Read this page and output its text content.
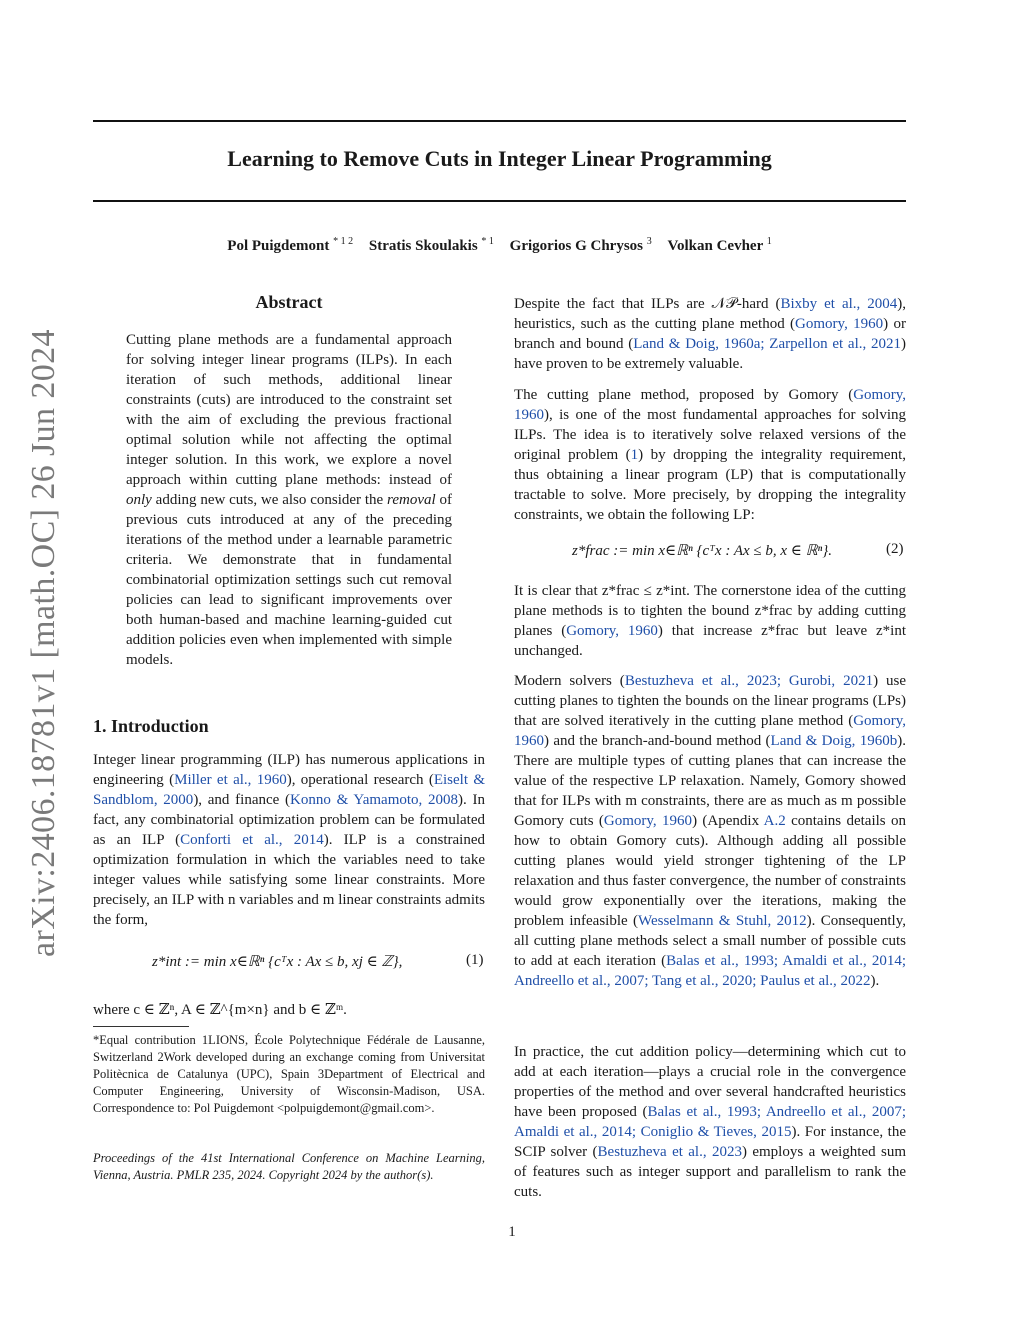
Learning to Remove Cuts in Integer Linear Programming
Pol Puigdemont $^{* 1 2}$ Stratis Skoulakis $^{* 1}$ Grigorios G Chrysos $^3$ Volkan Cevher $^1$
arXiv:2406.18781v1 [math.OC] 26 Jun 2024
Abstract

Cutting plane methods are a fundamental approach for solving integer linear programs (ILPs). In each iteration of such methods, additional linear constraints (cuts) are introduced to the constraint set with the aim of excluding the previous fractional optimal solution while not affecting the optimal integer solution. In this work, we explore a novel approach within cutting plane methods: instead of only adding new cuts, we also consider the removal of previous cuts introduced at any of the preceding iterations of the method under a learnable parametric criteria. We demonstrate that in fundamental combinatorial optimization settings such cut removal policies can lead to significant improvements over both human-based and machine learning-guided cut addition policies even when implemented with simple models.

1. Introduction

Integer linear programming (ILP) has numerous applications in engineering (Miller et al., 1960), operational research (Eiselt & Sandblom, 2000), and finance (Konno & Yamamoto, 2008). In fact, any combinatorial optimization problem can be formulated as an ILP (Conforti et al., 2014). ILP is a constrained optimization formulation in which the variables need to take integer values while satisfying some linear constraints. More precisely, an ILP with n variables and m linear constraints admits the form,

z*int := min x∈ℝⁿ {cᵀx : Ax ≤ b, xj ∈ ℤ},	(1)
where c ∈ ℤⁿ, A ∈ ℤ^{m×n} and b ∈ ℤᵐ.
*Equal contribution 1LIONS, École Polytechnique Fédérale de Lausanne, Switzerland 2Work developed during an exchange coming from Universitat Politècnica de Catalunya (UPC), Spain 3Department of Electrical and Computer Engineering, University of Wisconsin-Madison, USA. Correspondence to: Pol Puigdemont <polpuigdemont@gmail.com>.
Proceedings of the 41st International Conference on Machine Learning, Vienna, Austria. PMLR 235, 2024. Copyright 2024 by the author(s).

Despite the fact that ILPs are 𝒩𝒫-hard (Bixby et al., 2004), heuristics, such as the cutting plane method (Gomory, 1960) or branch and bound (Land & Doig, 1960a; Zarpellon et al., 2021) have proven to be extremely valuable.

The cutting plane method, proposed by Gomory (Gomory, 1960), is one of the most fundamental approaches for solving ILPs. The idea is to iteratively solve relaxed versions of the original problem (1) by dropping the integrality requirement, thus obtaining a linear program (LP) that is computationally tractable to solve. More precisely, by dropping the integrality constraints, we obtain the following LP:

z*frac := min x∈ℝⁿ {cᵀx : Ax ≤ b, x ∈ ℝⁿ}.	(2)

It is clear that z*frac ≤ z*int. The cornerstone idea of the cutting plane methods is to tighten the bound z*frac by adding cutting planes (Gomory, 1960) that increase z*frac but leave z*int unchanged.

Modern solvers (Bestuzheva et al., 2023; Gurobi, 2021) use cutting planes to tighten the bounds on the linear programs (LPs) that are solved iteratively in the cutting plane method (Gomory, 1960) and the branch-and-bound method (Land & Doig, 1960b). There are multiple types of cutting planes that can increase the value of the respective LP relaxation. Namely, Gomory showed that for ILPs with m constraints, there are as much as m possible Gomory cuts (Gomory, 1960) (Apendix A.2 contains details on how to obtain Gomory cuts). Although adding all possible cutting planes would yield stronger tightening of the LP relaxation and thus faster convergence, the number of constraints would grow exponentially over the iterations, making the problem infeasible (Wesselmann & Stuhl, 2012). Consequently, all cutting plane methods select a small number of possible cuts to add at each iteration (Balas et al., 1993; Amaldi et al., 2014; Andreello et al., 2007; Tang et al., 2020; Paulus et al., 2022).

In practice, the cut addition policy—determining which cut to add at each iteration—plays a crucial role in the convergence properties of the method and over several handcrafted heuristics have been proposed (Balas et al., 1993; Andreello et al., 2007; Amaldi et al., 2014; Coniglio & Tieves, 2015). For instance, the SCIP solver (Bestuzheva et al., 2023) employs a weighted sum of features such as integer support and parallelism to rank the cuts.

1
